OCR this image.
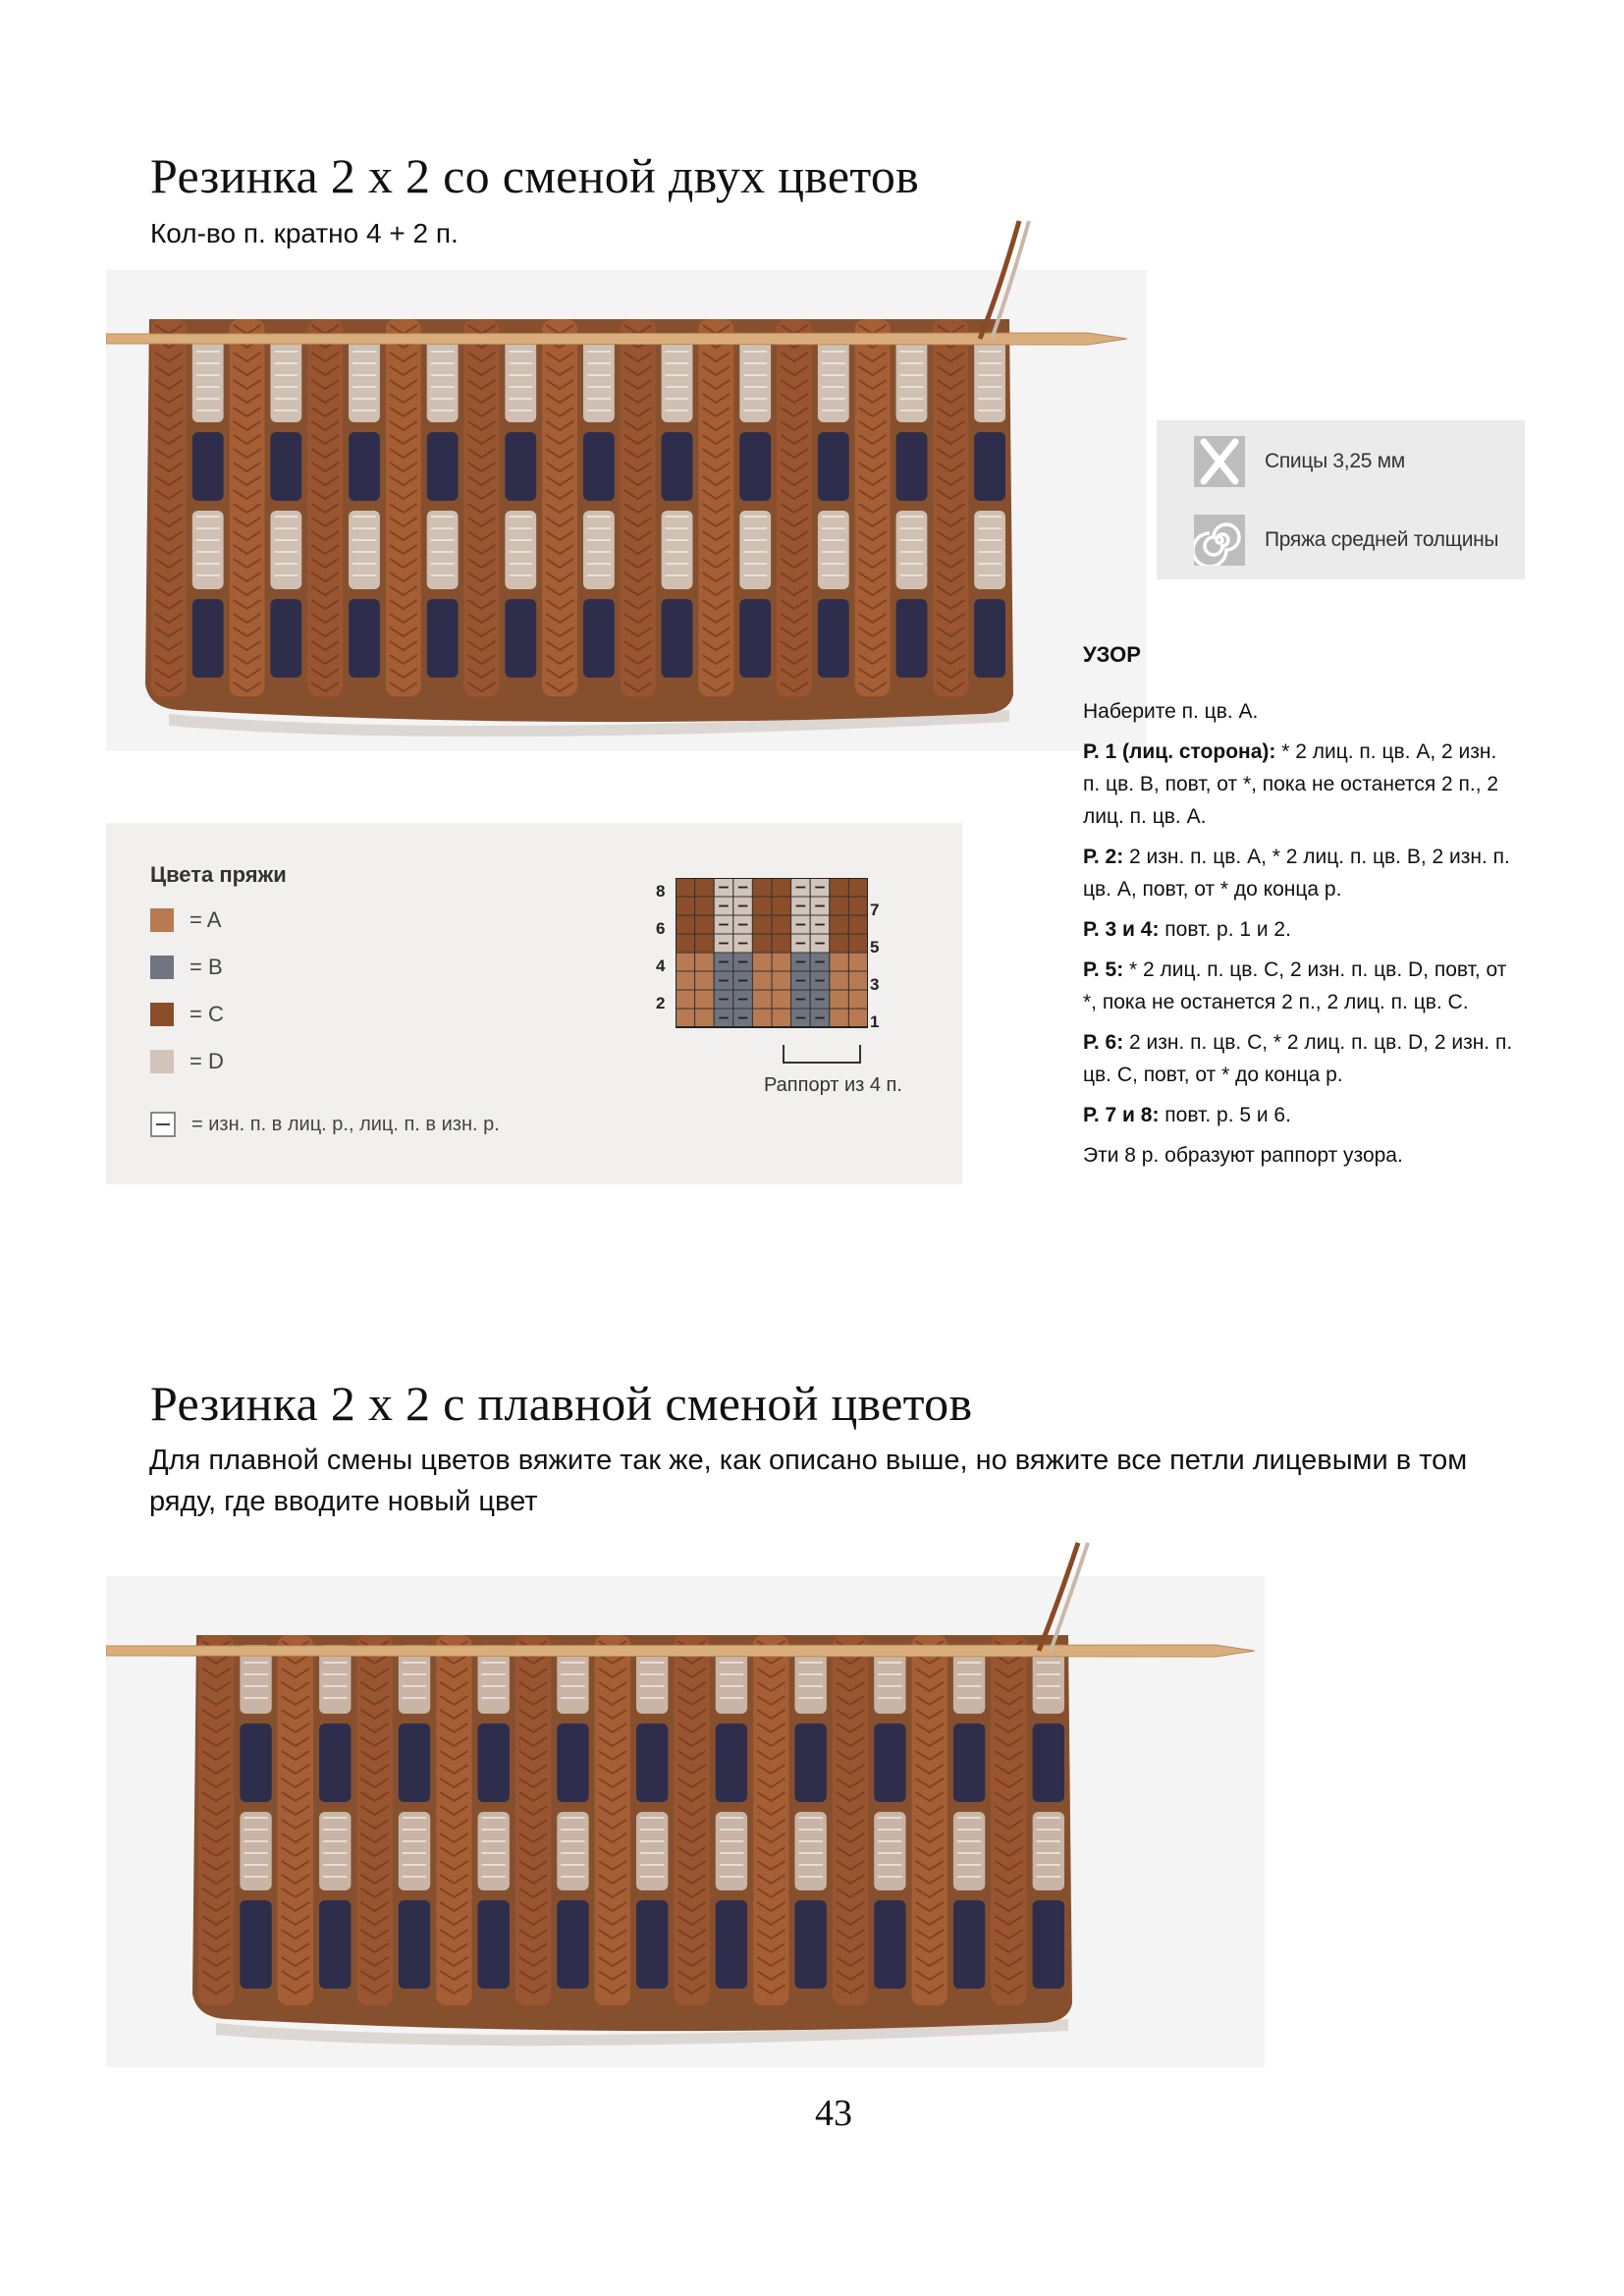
Резинка 2 х 2 со сменой двух цветов
Кол-во п. кратно 4 + 2 п.
Спицы 3,25 мм
Пряжа средней толщины
УЗОР

Наберите п. цв. А.

Р. 1 (лиц. сторона): * 2 лиц. п. цв. А, 2 изн. п. цв. В, повт, от *, пока не останется 2 п., 2 лиц. п. цв. А.

Р. 2: 2 изн. п. цв. А, * 2 лиц. п. цв. В, 2 изн. п. цв. А, повт, от * до конца р.

Р. 3 и 4: повт. р. 1 и 2.

Р. 5: * 2 лиц. п. цв. С, 2 изн. п. цв. D, повт, от *, пока не останется 2 п., 2 лиц. п. цв. С.

Р. 6: 2 изн. п. цв. С, * 2 лиц. п. цв. D, 2 изн. п. цв. С, повт, от * до конца р.

Р. 7 и 8: повт. р. 5 и 6.

Эти 8 р. образуют раппорт узора.

Цвета пряжи
= A
= B
= C
= D
= изн. п. в лиц. р., лиц. п. в изн. р.
8
6
4
2
7
5
3
1
Раппорт из 4 п.
Резинка 2 х 2 с плавной сменой цветов
Для плавной смены цветов вяжите так же, как описано выше, но вяжите все петли лицевыми в том ряду, где вводите новый цвет
43
